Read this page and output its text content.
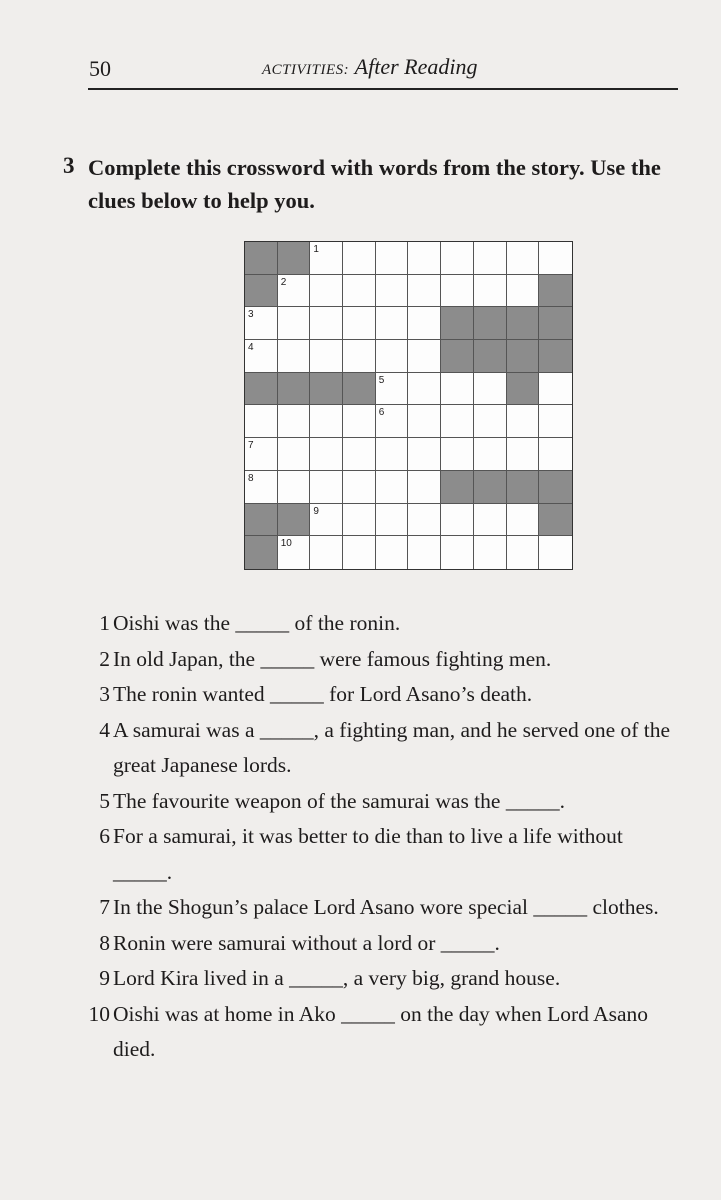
50	ACTIVITIES: After Reading
3 Complete this crossword with words from the story. Use the clues below to help you.
1
2
3
4
5
6
7
8
9
10
1 Oishi was the _____ of the ronin.
2 In old Japan, the _____ were famous fighting men.
3 The ronin wanted _____ for Lord Asano’s death.
4 A samurai was a _____, a fighting man, and he served one of the great Japanese lords.
5 The favourite weapon of the samurai was the _____.
6 For a samurai, it was better to die than to live a life without _____.
7 In the Shogun’s palace Lord Asano wore special _____ clothes.
8 Ronin were samurai without a lord or _____.
9 Lord Kira lived in a _____, a very big, grand house.
10 Oishi was at home in Ako _____ on the day when Lord Asano died.
